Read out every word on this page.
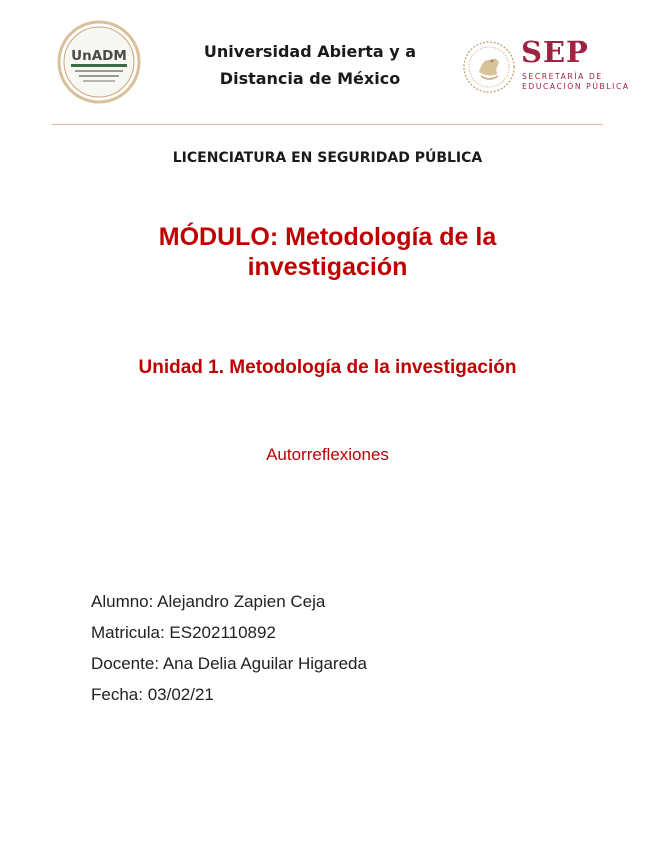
UnADM	Universidad Abierta y a
Distancia de México
SEP
SECRETARÍA DE
EDUCACIÓN PÚBLICA
LICENCIATURA EN SEGURIDAD PÚBLICA
MÓDULO: Metodología de la
investigación
Unidad 1. Metodología de la investigación
Autorreflexiones
Alumno: Alejandro Zapien Ceja
Matricula: ES202110892
Docente: Ana Delia Aguilar Higareda
Fecha: 03/02/21
